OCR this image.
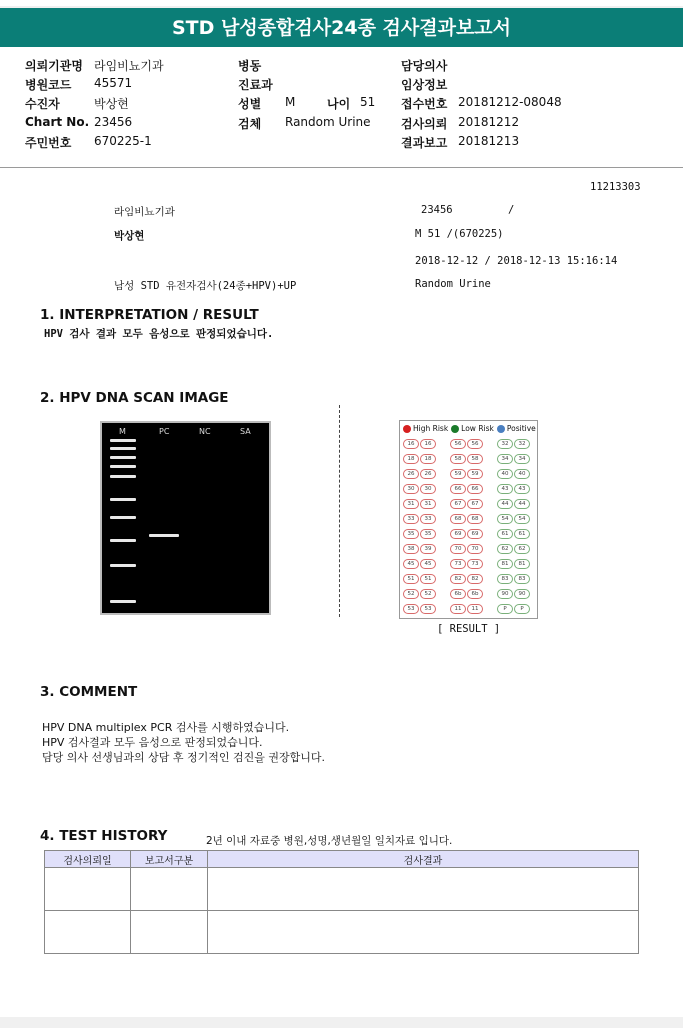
STD 남성종합검사24종 검사결과보고서
의뢰기관명 라임비뇨기과
병원코드 45571
수진자	박상현
Chart No. 23456
주민번호 670225-1
병동
진료과
성별 M	나이 51
검체 Random Urine
담당의사
임상정보
접수번호 20181212-08048
검사의뢰 20181212
결과보고 20181213
11213303
라임비뇨기과	23456	/
박상현	M 51 /(670225)
2018-12-12 / 2018-12-13 15:16:14
남성 STD 유전자검사(24종+HPV)+UP	Random Urine
1. INTERPRETATION / RESULT
HPV 검사 결과 모두 음성으로 판정되었습니다.
2. HPV DNA SCAN IMAGE
M	PC	NC	SA	High Risk Low Risk Positive
16	16	56	56	32	32
18	18	58	58	34	34
26	26	59	59	40	40
30	30	66	66	43	43
31	31	67	67	44	44
33	33	68	68	54	54
35	35	69	69	61	61
38	39	70	70	62	62
45	45	73	73	81	81
51	51	82	82	83	83
52	52	6b	6b	90	90
53	53	11	11	P	P
[ RESULT ]
3. COMMENT
HPV DNA multiplex PCR 검사를 시행하였습니다.
HPV 검사결과 모두 음성으로 판정되었습니다.
담당 의사 선생님과의 상담 후 정기적인 검진을 권장합니다.
4. TEST HISTORY	2년 이내 자료중 병원,성명,생년월일 일치자료 입니다.
검사의뢰일	보고서구분	검사결과
